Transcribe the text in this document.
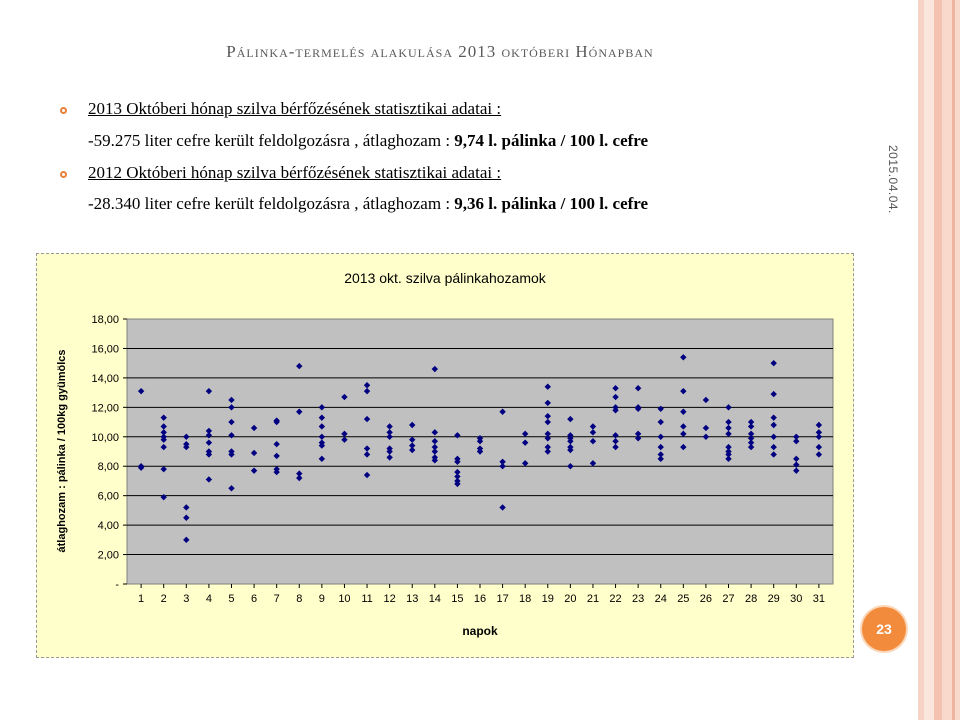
2015.04.04.
Pálinka-termelés alakulása 2013 októberi Hónapban
2013 Októberi hónap szilva bérfőzésének statisztikai adatai :
-59.275 liter cefre került feldolgozásra , átlaghozam : 9,74 l. pálinka / 100 l. cefre
2012 Októberi hónap szilva bérfőzésének statisztikai adatai :
-28.340 liter cefre került feldolgozásra , átlaghozam : 9,36 l. pálinka / 100 l. cefre
2013 okt. szilva pálinkahozamok
-
2,00
4,00
6,00
8,00
10,00
12,00
14,00
16,00
18,00
1 2 3 4 5 6 7 8 9 10 11 12 13 14 15 16 17 18 19 20 21 22 23 24 25 26 27 28 29 30 31
napok
átlaghozam : pálinka / 100kg gyümölcs
23
